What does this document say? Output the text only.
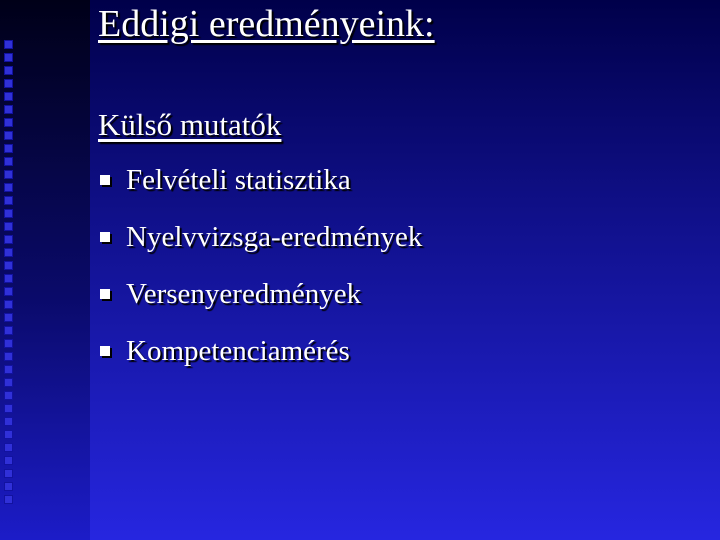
Eddigi eredményeink:
Külső mutatók
Felvételi statisztika
Nyelvvizsga-eredmények
Versenyeredmények
Kompetenciamérés
